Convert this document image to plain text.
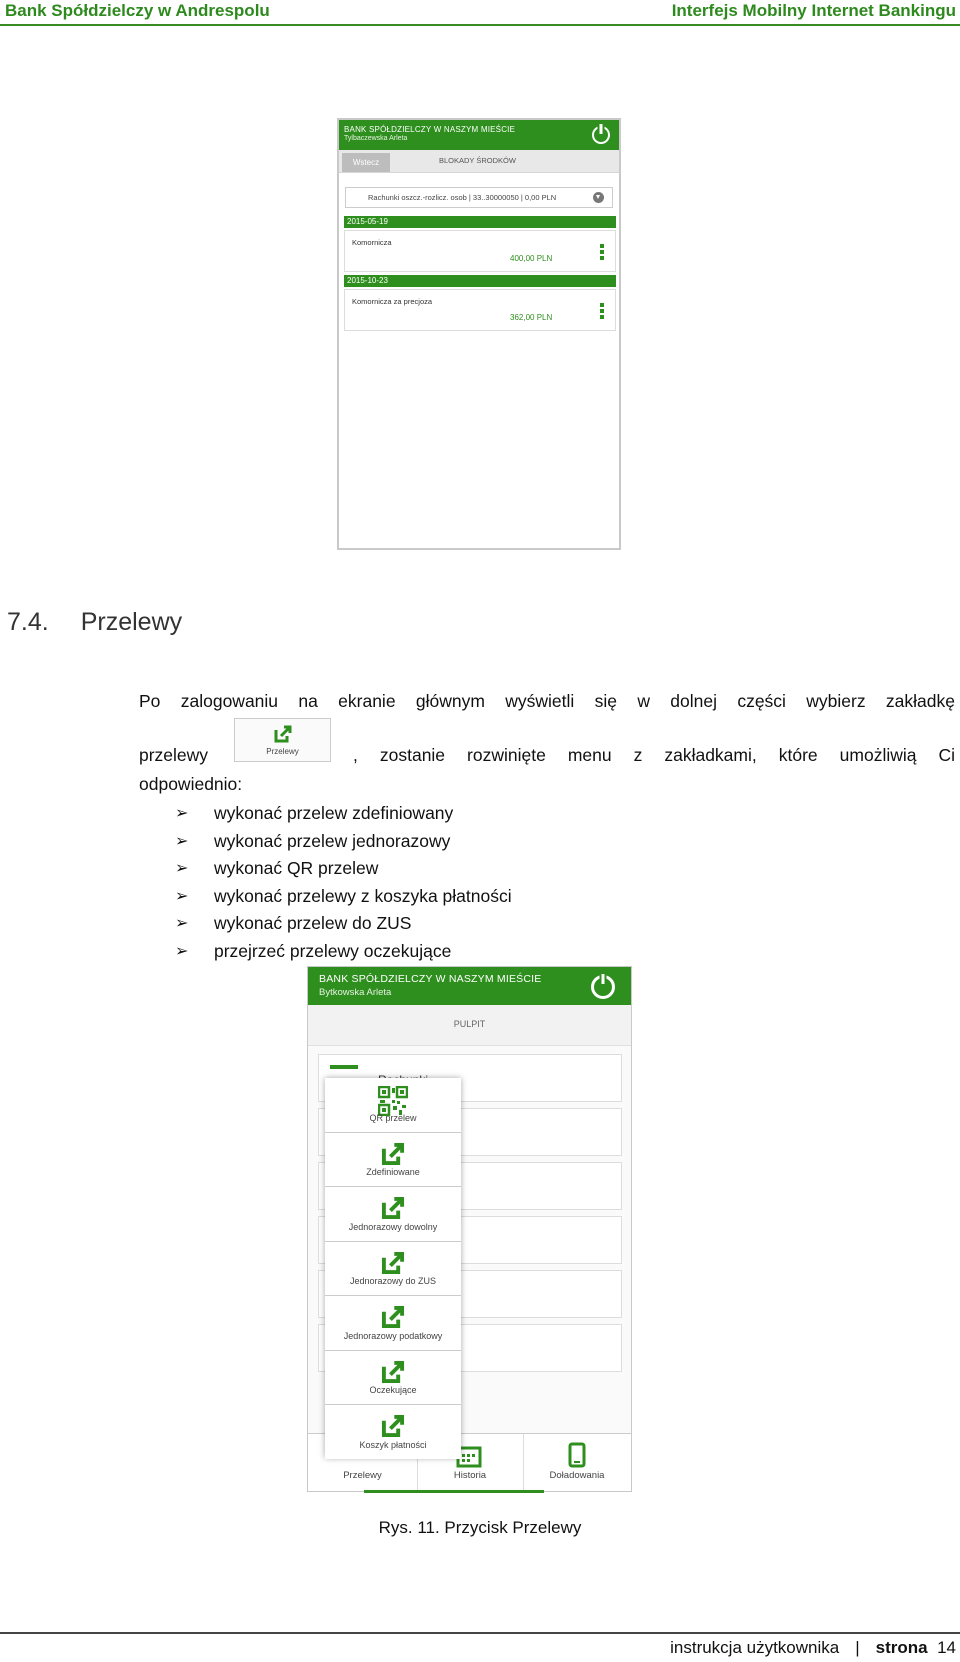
Bank Spółdzielczy w Andrespolu	Interfejs Mobilny Internet Bankingu
BANK SPÓŁDZIELCZY W NASZYM MIEŚCIE
Tylbaczewska Arleta
Wstecz	BLOKADY ŚRODKÓW
Rachunki oszcz.-rozlicz. osob | 33..30000050 | 0,00 PLN
2015-05-19
Komornicza
400,00 PLN
2015-10-23
Komornicza za precjoza
362,00 PLN
7.4. Przelewy
Po zalogowaniu na ekranie głównym wyświetli się w dolnej części wybierz zakładkę
przelewy	Przelewy	, zostanie rozwinięte menu z zakładkami, które umożliwią Ci
odpowiednio:
➢ wykonać przelew zdefiniowany
➢ wykonać przelew jednorazowy
➢ wykonać QR przelew
➢ wykonać przelewy z koszyka płatności
➢ wykonać przelew do ZUS
➢ przejrzeć przelewy oczekujące
BANK SPÓŁDZIELCZY W NASZYM MIEŚCIE
Bytkowska Arleta
PULPIT
Przelewy	Historia	Doładowania
QR przelew
Zdefiniowane
Jednorazowy dowolny
Jednorazowy do ZUS
Jednorazowy podatkowy
Oczekujące
Koszyk płatności
Rys. 11. Przycisk Przelewy
instrukcja użytkownika | strona 14
